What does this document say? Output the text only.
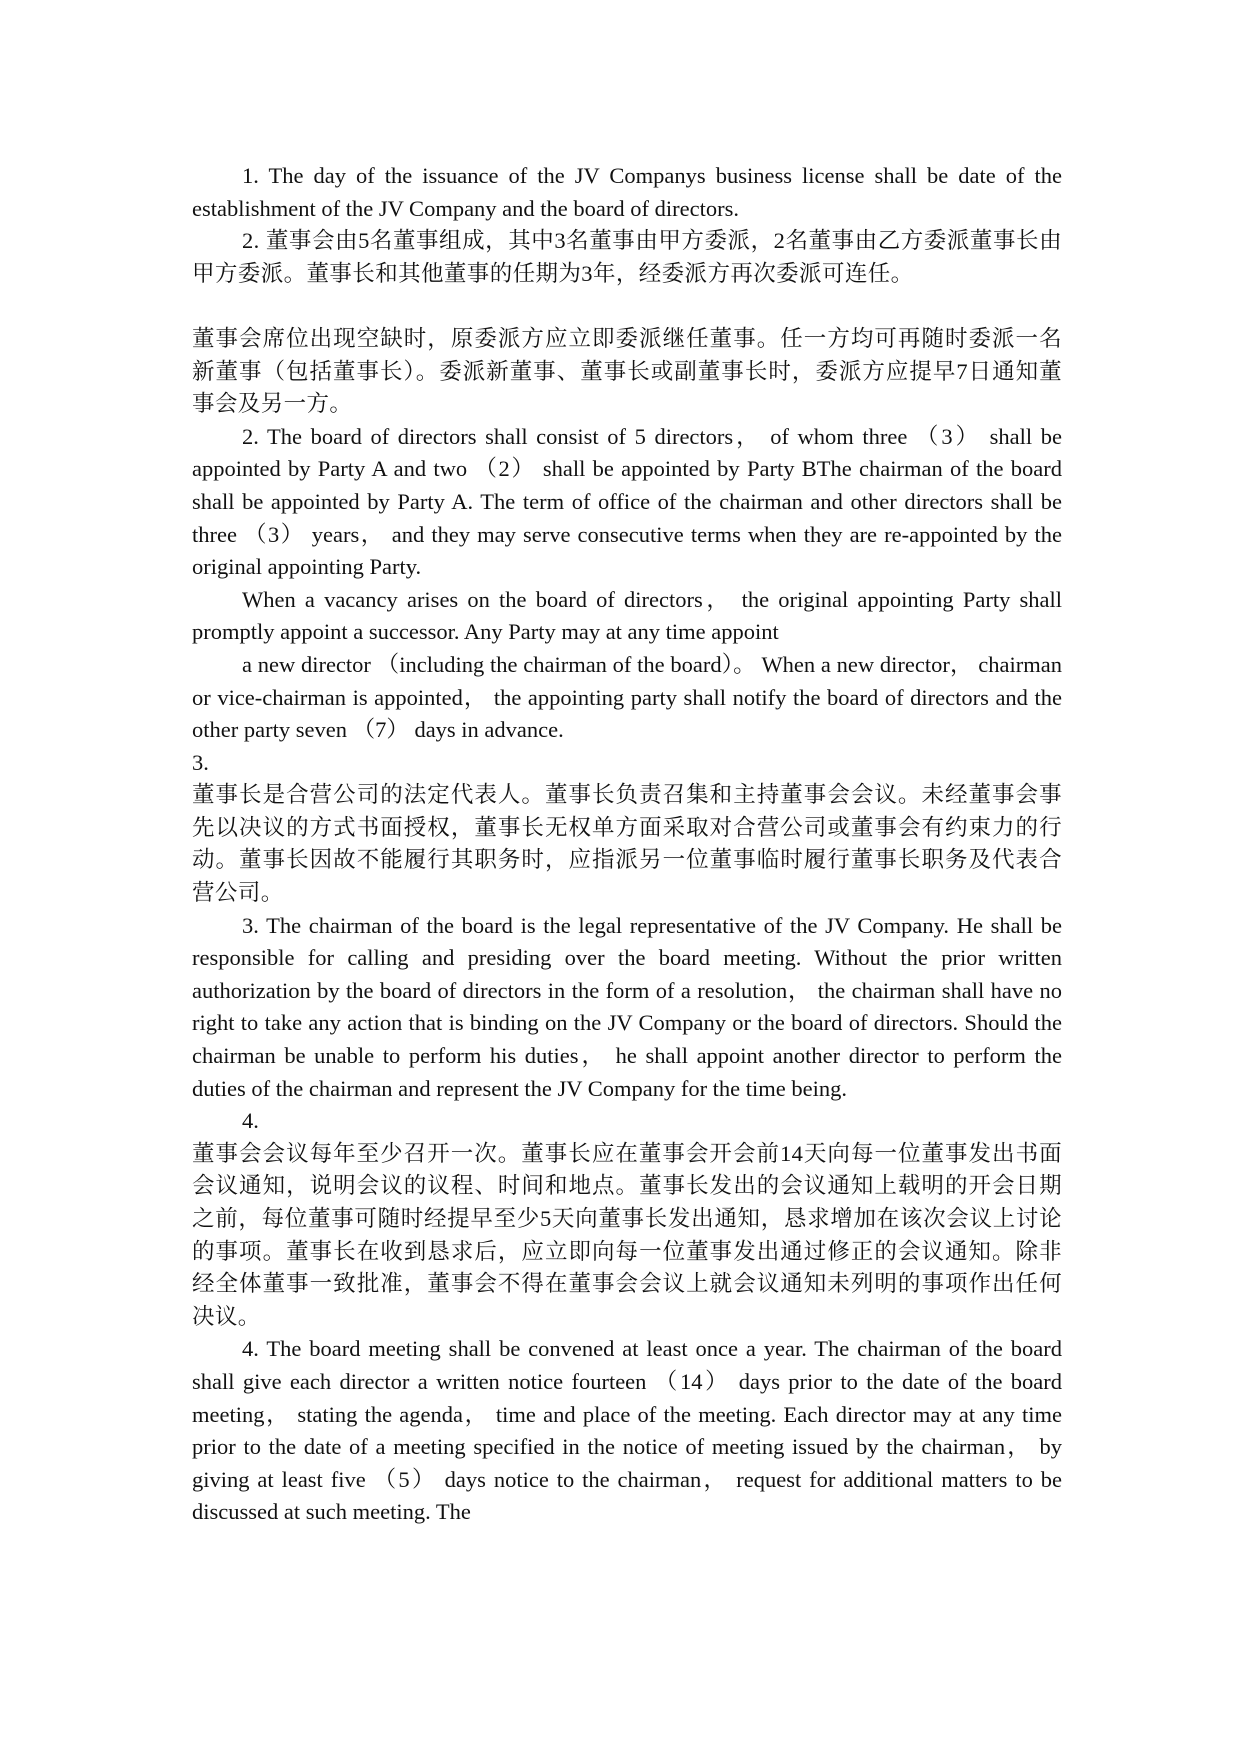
1. The day of the issuance of the JV Companys business license shall be date of the establishment of the JV Company and the board of directors.

2. 董事会由5名董事组成，其中3名董事由甲方委派，2名董事由乙方委派董事长由甲方委派。董事长和其他董事的任期为3年，经委派方再次委派可连任。

董事会席位出现空缺时，原委派方应立即委派继任董事。任一方均可再随时委派一名新董事（包括董事长）。委派新董事、董事长或副董事长时，委派方应提早7日通知董事会及另一方。

2. The board of directors shall consist of 5 directors， of whom three （3） shall be appointed by Party A and two （2） shall be appointed by Party BThe chairman of the board shall be appointed by Party A. The term of office of the chairman and other directors shall be three （3） years， and they may serve consecutive terms when they are re-appointed by the original appointing Party.

When a vacancy arises on the board of directors， the original appointing Party shall promptly appoint a successor. Any Party may at any time appoint

a new director （including the chairman of the board）。 When a new director， chairman or vice-chairman is appointed， the appointing party shall notify the board of directors and the other party seven （7） days in advance.

3.

董事长是合营公司的法定代表人。董事长负责召集和主持董事会会议。未经董事会事先以决议的方式书面授权，董事长无权单方面采取对合营公司或董事会有约束力的行动。董事长因故不能履行其职务时，应指派另一位董事临时履行董事长职务及代表合营公司。

3. The chairman of the board is the legal representative of the JV Company. He shall be responsible for calling and presiding over the board meeting. Without the prior written authorization by the board of directors in the form of a resolution， the chairman shall have no right to take any action that is binding on the JV Company or the board of directors. Should the chairman be unable to perform his duties， he shall appoint another director to perform the duties of the chairman and represent the JV Company for the time being.

4.

董事会会议每年至少召开一次。董事长应在董事会开会前14天向每一位董事发出书面会议通知，说明会议的议程、时间和地点。董事长发出的会议通知上载明的开会日期之前，每位董事可随时经提早至少5天向董事长发出通知，恳求增加在该次会议上讨论的事项。董事长在收到恳求后，应立即向每一位董事发出通过修正的会议通知。除非经全体董事一致批准，董事会不得在董事会会议上就会议通知未列明的事项作出任何决议。

4. The board meeting shall be convened at least once a year. The chairman of the board shall give each director a written notice fourteen （14） days prior to the date of the board meeting， stating the agenda， time and place of the meeting. Each director may at any time prior to the date of a meeting specified in the notice of meeting issued by the chairman， by giving at least five （5） days notice to the chairman， request for additional matters to be discussed at such meeting. The
